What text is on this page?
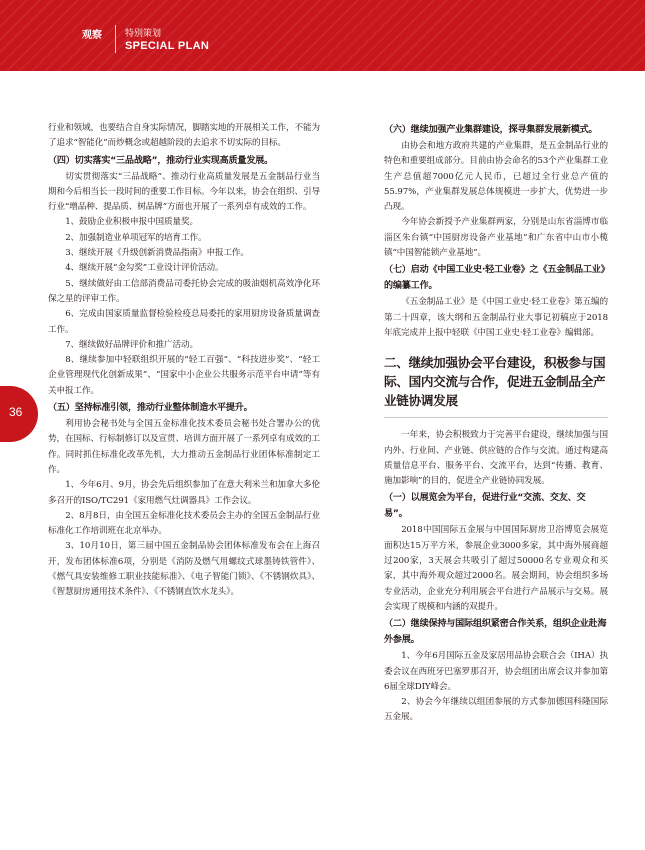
观察	特别策划
SPECIAL PLAN
36

行业和领域，也要结合自身实际情况，脚踏实地的开展相关工作，不能为了追求“智能化”而炒概念或超越阶段的去追求不切实际的目标。

（四）切实落实“三品战略”，推动行业实现高质量发展。

切实贯彻落实“三品战略”、推动行业高质量发展是五金制品行业当期和今后相当长一段时间的重要工作目标。今年以来，协会在组织、引导行业“增品种、提品质、树品牌”方面也开展了一系列卓有成效的工作。

1、鼓励企业积极申报中国质量奖。

2、加强制造业单项冠军的培育工作。

3、继续开展《升级创新消费品指南》申报工作。

4、继续开展“金勾奖”工业设计评价活动。

5、继续做好由工信部消费品司委托协会完成的吸油烟机高效净化环保之星的评审工作。

6、完成由国家质量监督检验检疫总局委托的家用厨房设备质量调查工作。

7、继续做好品牌评价和推广活动。

8、继续参加中轻联组织开展的“轻工百强”、“科技进步奖”、“轻工企业管理现代化创新成果”、“国家中小企业公共服务示范平台申请”等有关申报工作。

（五）坚持标准引领，推动行业整体制造水平提升。

利用协会秘书处与全国五金标准化技术委员会秘书处合署办公的优势，在国标、行标制修订以及宣贯、培训方面开展了一系列卓有成效的工作。同时抓住标准化改革先机，大力推动五金制品行业团体标准制定工作。

1、今年6月、9月，协会先后组织参加了在意大利米兰和加拿大多伦多召开的ISO/TC291《家用燃气灶调器具》工作会议。

2、8月8日，由全国五金标准化技术委员会主办的全国五金制品行业标准化工作培训班在北京举办。

3、10月10日，第三届中国五金制品协会团体标准发布会在上海召开，发布团体标准6项，分别是《消防及燃气用螺纹式球墨铸铁管件》、《燃气具安装维修工职业技能标准》、《电子智能门锁》、《不锈钢炊具》、《智慧厨房通用技术条件》、《不锈钢直饮水龙头》。

（六）继续加强产业集群建设，探寻集群发展新模式。

由协会和地方政府共建的产业集群，是五金制品行业的特色和重要组成部分。目前由协会命名的53个产业集群工业生产总值超7000亿元人民币，已超过全行业总产值的55.97%，产业集群发展总体规模进一步扩大，优势进一步凸现。

今年协会新授予产业集群两家，分别是山东省淄博市临淄区朱台镇“中国厨房设备产业基地”和广东省中山市小榄镇“中国智能锁产业基地”。

（七）启动《中国工业史·轻工业卷》之《五金制品工业》的编纂工作。

《五金制品工业》是《中国工业史·轻工业卷》第五编的第二十四章，该大纲和五金制品行业大事记初稿应于2018年底完成并上报中轻联《中国工业史·轻工业卷》编辑部。

二、继续加强协会平台建设，积极参与国际、国内交流与合作，促进五金制品全产业链协调发展

一年来，协会积极致力于完善平台建设，继续加强与国内外、行业间、产业链、供应链的合作与交流。通过构建高质量信息平台、服务平台、交流平台，达到“传播、教育、施加影响”的目的，促进全产业链协同发展。

（一）以展览会为平台，促进行业“交流、交友、交易”。

2018中国国际五金展与中国国际厨房卫浴博览会展览面积达15万平方米，参展企业3000多家，其中海外展商超过200家，3天展会共吸引了超过50000名专业观众和买家，其中海外观众超过2000名。展会期间，协会组织多场专业活动，企业充分利用展会平台进行产品展示与交易。展会实现了规模和内涵的双提升。

（二）继续保持与国际组织紧密合作关系，组织企业赴海外参展。

1、今年6月国际五金及家居用品协会联合会（IHA）执委会议在西班牙巴塞罗那召开，协会组团出席会议并参加第6届全球DIY峰会。

2、协会今年继续以组团参展的方式参加德国科隆国际五金展。
